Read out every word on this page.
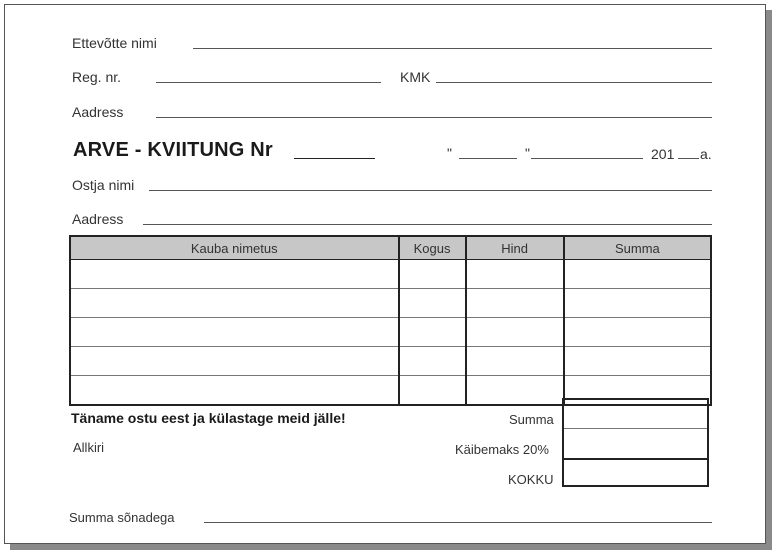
Ettevõtte nimi
Reg. nr.	KMK
Aadress
ARVE - KVIITUNG Nr	"	"	201 a.
Ostja nimi
Aadress
Kauba nimetus	Kogus	Hind	Summa

Täname ostu eest ja külastage meid jälle!
Allkiri
Summa
Käibemaks 20%
KOKKU
Summa sõnadega
